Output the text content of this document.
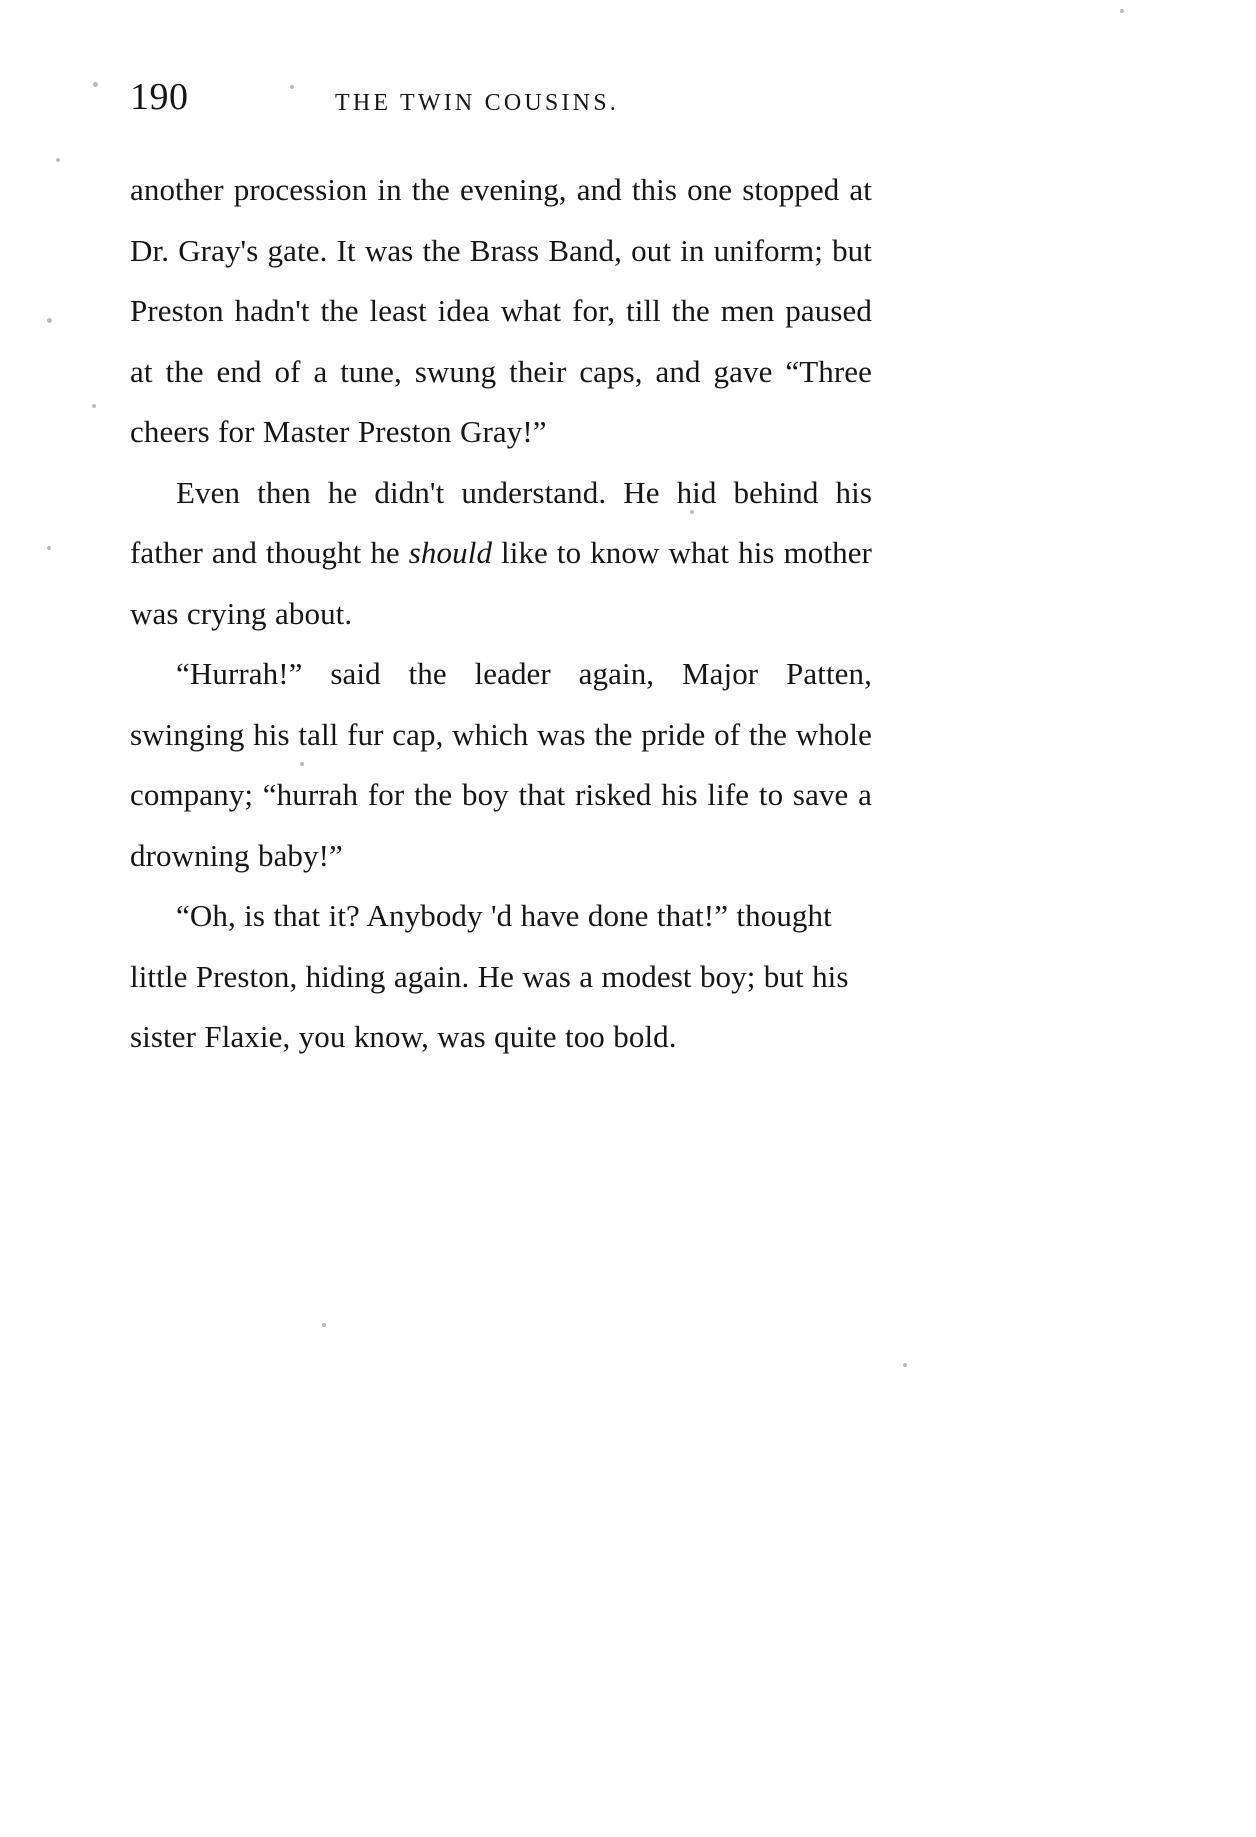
190	THE TWIN COUSINS.

another procession in the evening, and this one stopped at Dr. Gray's gate. It was the Brass Band, out in uniform; but Preston hadn't the least idea what for, till the men paused at the end of a tune, swung their caps, and gave “Three cheers for Master Preston Gray!”

Even then he didn't understand. He hid behind his father and thought he should like to know what his mother was crying about.

“Hurrah!” said the leader again, Major Patten, swinging his tall fur cap, which was the pride of the whole company; “hurrah for the boy that risked his life to save a drowning baby!”

“Oh, is that it? Anybody 'd have done that!” thought little Preston, hiding again. He was a modest boy; but his sister Flaxie, you know, was quite too bold.
